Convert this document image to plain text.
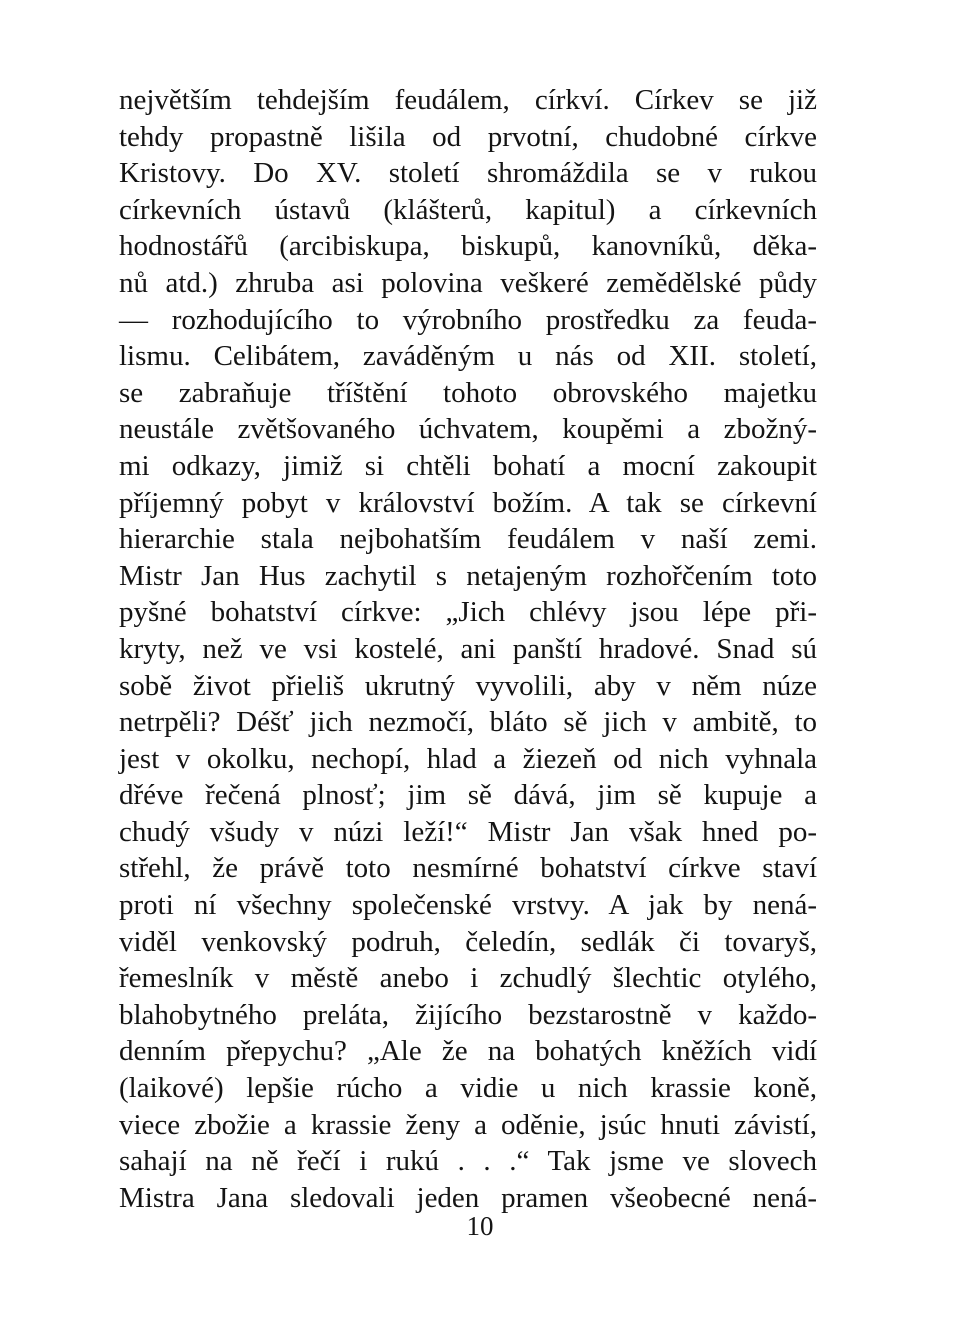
největším tehdejším feudálem, církví. Církev se již
tehdy propastně lišila od prvotní, chudobné církve
Kristovy. Do XV. století shromáždila se v rukou
církevních ústavů (klášterů, kapitul) a církevních
hodnostářů (arcibiskupa, biskupů, kanovníků, děka-
nů atd.) zhruba asi polovina veškeré zemědělské půdy
— rozhodujícího to výrobního prostředku za feuda-
lismu. Celibátem, zaváděným u nás od XII. století,
se zabraňuje tříštění tohoto obrovského majetku
neustále zvětšovaného úchvatem, koupěmi a zbožný-
mi odkazy, jimiž si chtěli bohatí a mocní zakoupit
příjemný pobyt v království božím. A tak se církevní
hierarchie stala nejbohatším feudálem v naší zemi.
Mistr Jan Hus zachytil s netajeným rozhořčením toto
pyšné bohatství církve: „Jich chlévy jsou lépe při-
kryty, než ve vsi kostelé, ani panští hradové. Snad sú
sobě život přieliš ukrutný vyvolili, aby v něm núze
netrpěli? Déšť jich nezmočí, bláto sě jich v ambitě, to
jest v okolku, nechopí, hlad a žiezeň od nich vyhnala
dřéve řečená plnosť; jim sě dává, jim sě kupuje a
chudý všudy v núzi leží!“ Mistr Jan však hned po-
střehl, že právě toto nesmírné bohatství církve staví
proti ní všechny společenské vrstvy. A jak by nená-
viděl venkovský podruh, čeledín, sedlák či tovaryš,
řemeslník v městě anebo i zchudlý šlechtic otylého,
blahobytného preláta, žijícího bezstarostně v každo-
denním přepychu? „Ale že na bohatých kněžích vidí
(laikové) lepšie rúcho a vidie u nich krassie koně,
viece zbožie a krassie ženy a oděnie, jsúc hnuti závistí,
sahají na ně řečí i rukú . . .“ Tak jsme ve slovech
Mistra Jana sledovali jeden pramen všeobecné nená-
10
